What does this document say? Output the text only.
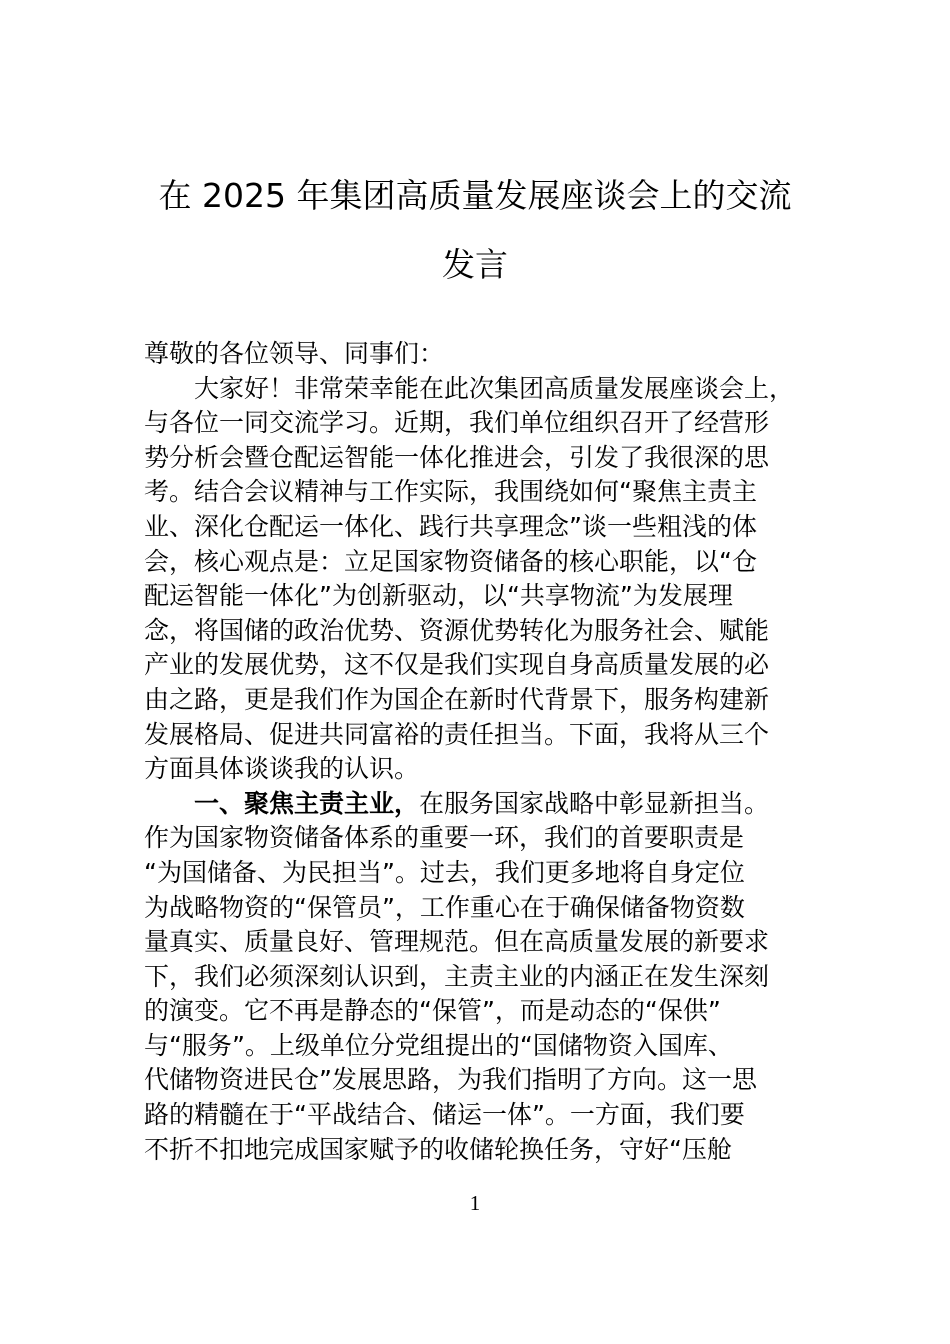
在 2025 年集团高质量发展座谈会上的交流
发言
尊敬的各位领导、同事们：
大家好！非常荣幸能在此次集团高质量发展座谈会上，
与各位一同交流学习。近期，我们单位组织召开了经营形
势分析会暨仓配运智能一体化推进会，引发了我很深的思
考。结合会议精神与工作实际，我围绕如何“聚焦主责主
业、深化仓配运一体化、践行共享理念”谈一些粗浅的体
会，核心观点是：立足国家物资储备的核心职能，以“仓
配运智能一体化”为创新驱动，以“共享物流”为发展理
念，将国储的政治优势、资源优势转化为服务社会、赋能
产业的发展优势，这不仅是我们实现自身高质量发展的必
由之路，更是我们作为国企在新时代背景下，服务构建新
发展格局、促进共同富裕的责任担当。下面，我将从三个
方面具体谈谈我的认识。
一、聚焦主责主业，在服务国家战略中彰显新担当。
作为国家物资储备体系的重要一环，我们的首要职责是
“为国储备、为民担当”。过去，我们更多地将自身定位
为战略物资的“保管员”，工作重心在于确保储备物资数
量真实、质量良好、管理规范。但在高质量发展的新要求
下，我们必须深刻认识到，主责主业的内涵正在发生深刻
的演变。它不再是静态的“保管”，而是动态的“保供”
与“服务”。上级单位分党组提出的“国储物资入国库、
代储物资进民仓”发展思路，为我们指明了方向。这一思
路的精髓在于“平战结合、储运一体”。一方面，我们要
不折不扣地完成国家赋予的收储轮换任务，守好“压舱
1
